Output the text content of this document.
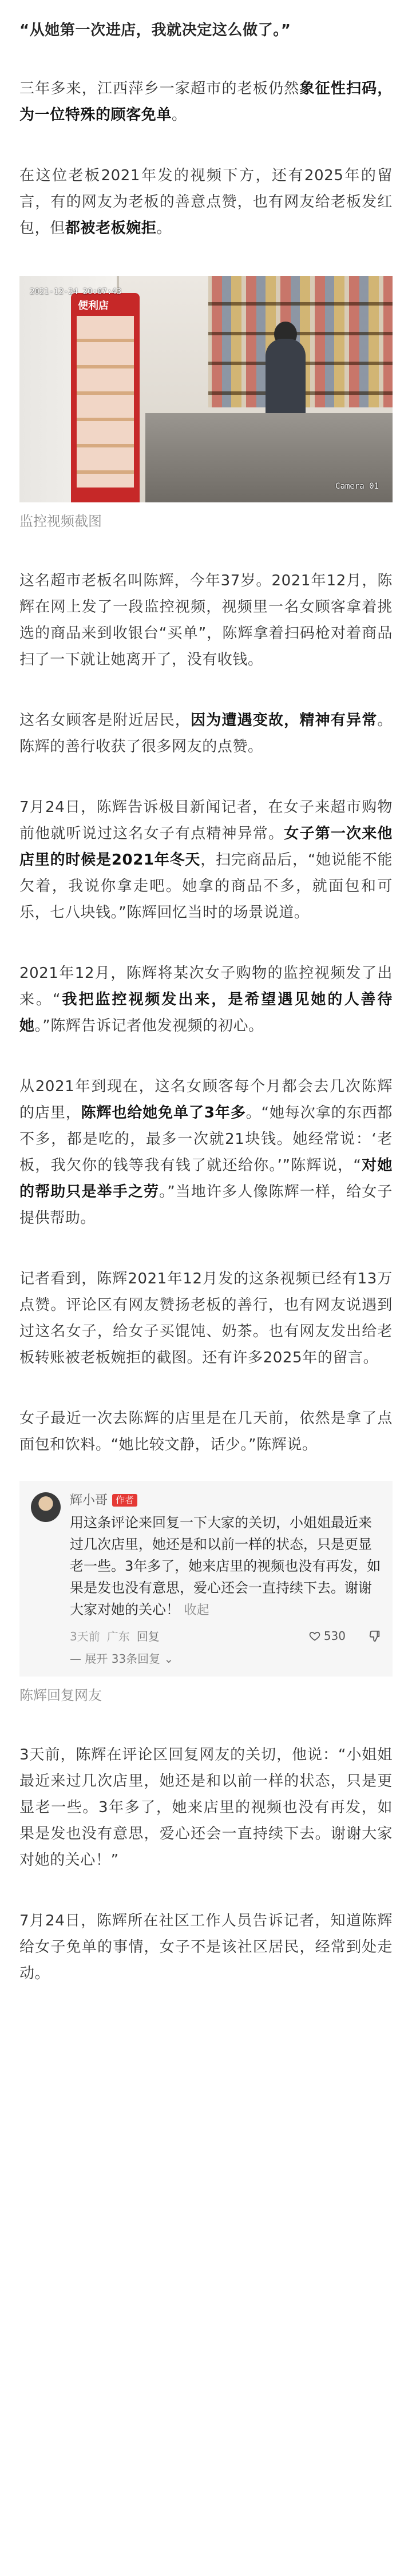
“从她第一次进店，我就决定这么做了。”

三年多来，江西萍乡一家超市的老板仍然象征性扫码，为一位特殊的顾客免单。

在这位老板2021年发的视频下方，还有2025年的留言，有的网友为老板的善意点赞，也有网友给老板发红包，但都被老板婉拒。

便利店
2021-12-24 20:07:43
Camera 01
监控视频截图

这名超市老板名叫陈辉，今年37岁。2021年12月，陈辉在网上发了一段监控视频，视频里一名女顾客拿着挑选的商品来到收银台“买单”，陈辉拿着扫码枪对着商品扫了一下就让她离开了，没有收钱。

这名女顾客是附近居民，因为遭遇变故，精神有异常。陈辉的善行收获了很多网友的点赞。

7月24日，陈辉告诉极目新闻记者，在女子来超市购物前他就听说过这名女子有点精神异常。女子第一次来他店里的时候是2021年冬天，扫完商品后，“她说能不能欠着，我说你拿走吧。她拿的商品不多，就面包和可乐，七八块钱。”陈辉回忆当时的场景说道。

2021年12月，陈辉将某次女子购物的监控视频发了出来。“我把监控视频发出来，是希望遇见她的人善待她。”陈辉告诉记者他发视频的初心。

从2021年到现在，这名女顾客每个月都会去几次陈辉的店里，陈辉也给她免单了3年多。“她每次拿的东西都不多，都是吃的，最多一次就21块钱。她经常说：‘老板，我欠你的钱等我有钱了就还给你。’”陈辉说，“对她的帮助只是举手之劳。”当地许多人像陈辉一样，给女子提供帮助。

记者看到，陈辉2021年12月发的这条视频已经有13万点赞。评论区有网友赞扬老板的善行，也有网友说遇到过这名女子，给女子买馄饨、奶茶。也有网友发出给老板转账被老板婉拒的截图。还有许多2025年的留言。

女子最近一次去陈辉的店里是在几天前，依然是拿了点面包和饮料。“她比较文静，话少。”陈辉说。

辉小哥 作者
用这条评论来回复一下大家的关切，小姐姐最近来过几次店里，她还是和以前一样的状态，只是更显老一些。3年多了，她来店里的视频也没有再发，如果是发也没有意思，爱心还会一直持续下去。谢谢大家对她的关心！ 收起
3天前 广东 回复	530
— 展开 33条回复 ⌄
陈辉回复网友

3天前，陈辉在评论区回复网友的关切，他说：“小姐姐最近来过几次店里，她还是和以前一样的状态，只是更显老一些。3年多了，她来店里的视频也没有再发，如果是发也没有意思，爱心还会一直持续下去。谢谢大家对她的关心！”

7月24日，陈辉所在社区工作人员告诉记者，知道陈辉给女子免单的事情，女子不是该社区居民，经常到处走动。
